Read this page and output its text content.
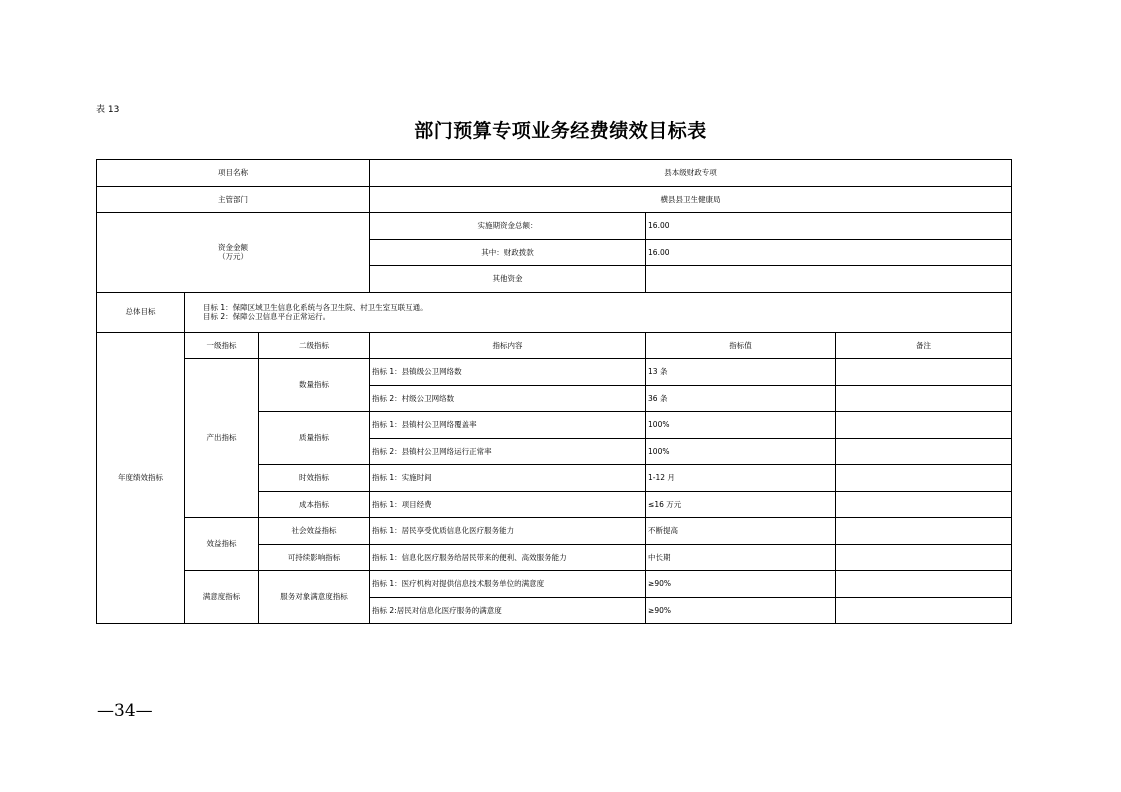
表 13
部门预算专项业务经费绩效目标表
项目名称			县本级财政专项		
主管部门			横县县卫生健康局		

资金金额
（万元）			实施期资金总额：	16.00	
			其中：财政拨款	16.00	
			其他资金		
总体目标	目标 1：保障区域卫生信息化系统与各卫生院、村卫生室互联互通。
目标 2：保障公卫信息平台正常运行。				

年度绩效指标	一级指标	二级指标	指标内容	指标值	备注
	产出指标	数量指标	指标 1：县镇级公卫网络数	13 条	
			指标 2：村级公卫网络数	36 条	
		质量指标	指标 1：县镇村公卫网络覆盖率	100%	
			指标 2：县镇村公卫网络运行正常率	100%	
		时效指标	指标 1：实施时间	1-12 月	
		成本指标	指标 1：项目经费	≤16 万元	
	效益指标	社会效益指标	指标 1：居民享受优质信息化医疗服务能力	不断提高	
		可持续影响指标	指标 1：信息化医疗服务给居民带来的便利、高效服务能力	中长期	
	满意度指标	服务对象满意度指标	指标 1：医疗机构对提供信息技术服务单位的满意度	≥90%	
			指标 2:居民对信息化医疗服务的满意度	≥90%	
—34—
